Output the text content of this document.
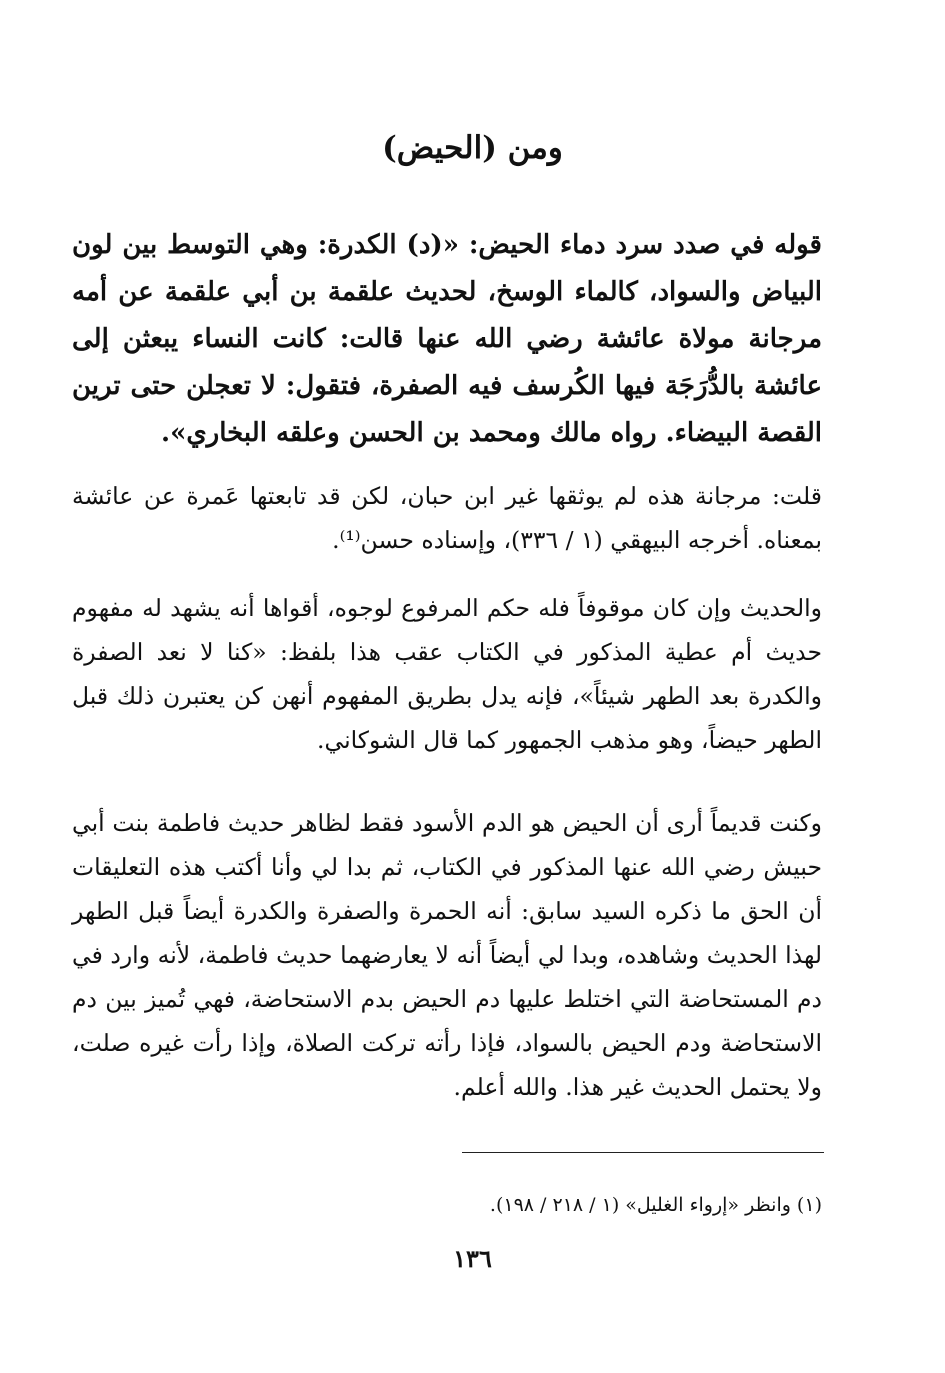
ومن (الحيض)
قوله في صدد سرد دماء الحيض: «(د) الكدرة: وهي التوسط بين لون البياض والسواد، كالماء الوسخ، لحديث علقمة بن أبي علقمة عن أمه مرجانة مولاة عائشة رضي الله عنها قالت: كانت النساء يبعثن إلى عائشة بالدُّرَجَة فيها الكُرسف فيه الصفرة، فتقول: لا تعجلن حتى ترين القصة البيضاء. رواه مالك ومحمد بن الحسن وعلقه البخاري».
قلت: مرجانة هذه لم يوثقها غير ابن حبان، لكن قد تابعتها عَمرة عن عائشة بمعناه. أخرجه البيهقي (١ / ٣٣٦)، وإسناده حسن⁽¹⁾.
والحديث وإن كان موقوفاً فله حكم المرفوع لوجوه، أقواها أنه يشهد له مفهوم حديث أم عطية المذكور في الكتاب عقب هذا بلفظ: «كنا لا نعد الصفرة والكدرة بعد الطهر شيئاً»، فإنه يدل بطريق المفهوم أنهن كن يعتبرن ذلك قبل الطهر حيضاً، وهو مذهب الجمهور كما قال الشوكاني.
وكنت قديماً أرى أن الحيض هو الدم الأسود فقط لظاهر حديث فاطمة بنت أبي حبيش رضي الله عنها المذكور في الكتاب، ثم بدا لي وأنا أكتب هذه التعليقات أن الحق ما ذكره السيد سابق: أنه الحمرة والصفرة والكدرة أيضاً قبل الطهر لهذا الحديث وشاهده، وبدا لي أيضاً أنه لا يعارضهما حديث فاطمة، لأنه وارد في دم المستحاضة التي اختلط عليها دم الحيض بدم الاستحاضة، فهي تُميز بين دم الاستحاضة ودم الحيض بالسواد، فإذا رأته تركت الصلاة، وإذا رأت غيره صلت، ولا يحتمل الحديث غير هذا. والله أعلم.
(١) وانظر «إرواء الغليل» (١ / ٢١٨ / ١٩٨).
١٣٦
